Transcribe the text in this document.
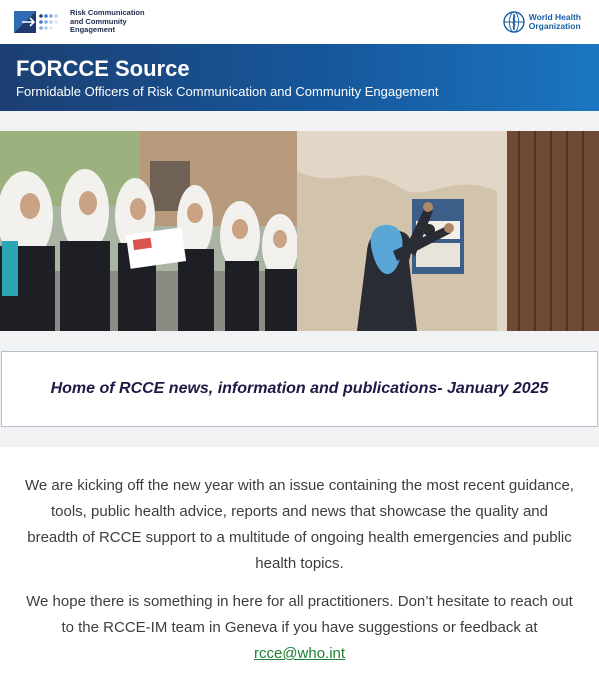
Risk Communication
and Community
Engagement
World Health
Organization
FORCCE Source
Formidable Officers of Risk Communication and Community Engagement
Home of RCCE news, information and publications- January 2025

We are kicking off the new year with an issue containing the most recent guidance, tools, public health advice, reports and news that showcase the quality and breadth of RCCE support to a multitude of ongoing health emergencies and public health topics.

We hope there is something in here for all practitioners. Don’t hesitate to reach out to the RCCE-IM team in Geneva if you have suggestions or feedback at
rcce@who.int
